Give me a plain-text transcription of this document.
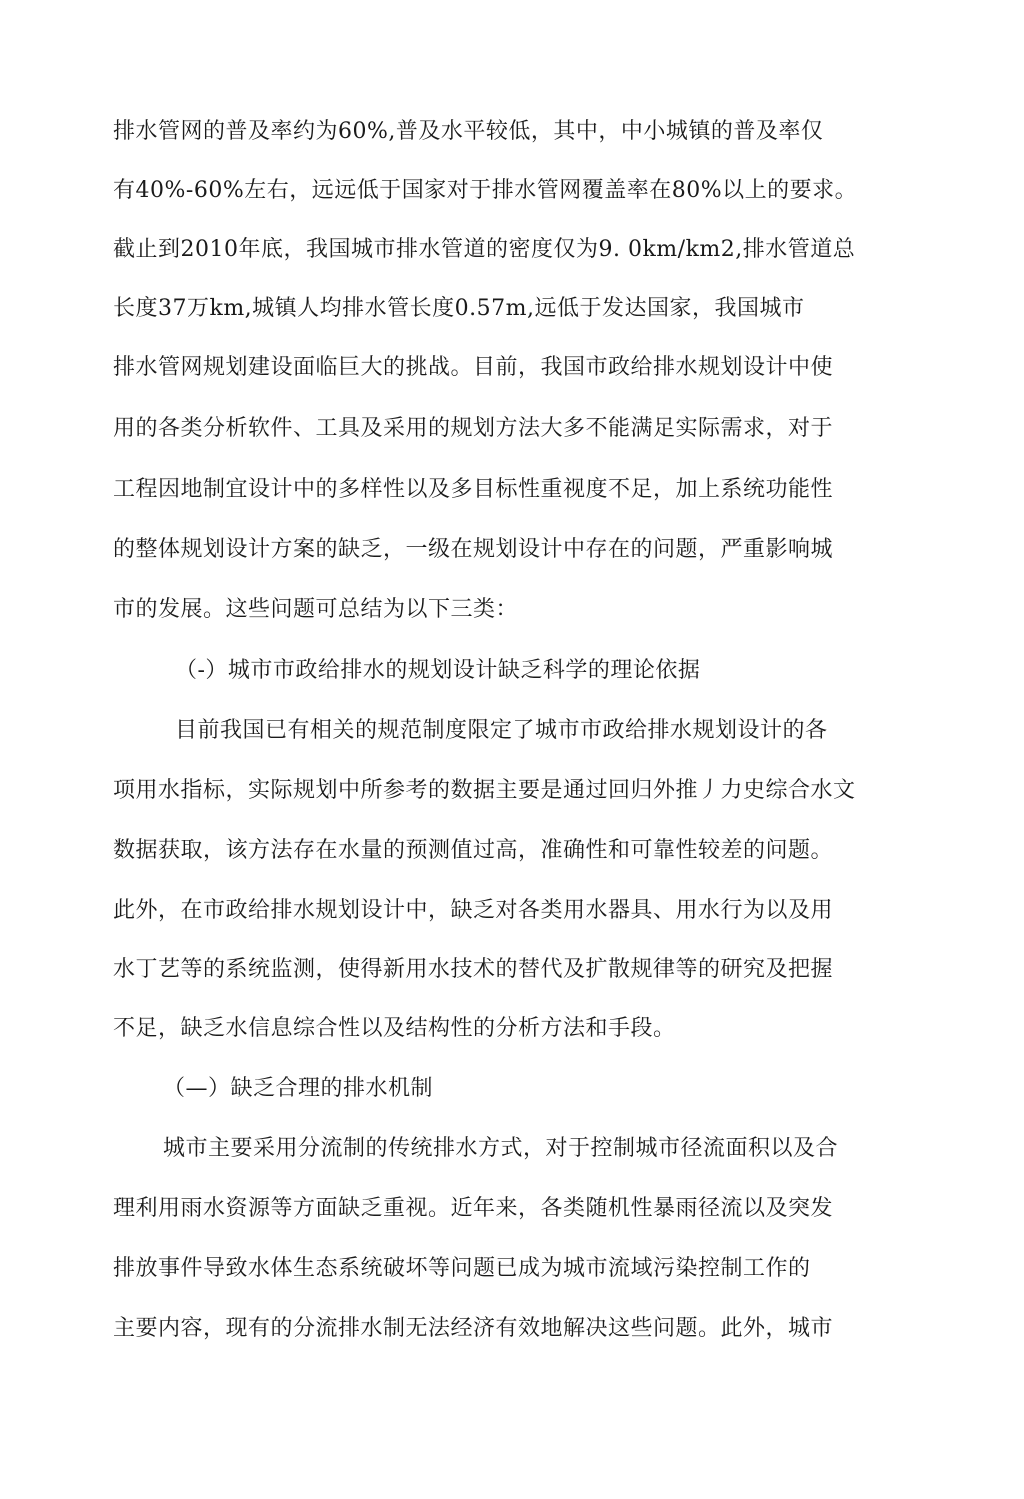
排水管网的普及率约为60%,普及水平较低，其中，中小城镇的普及率仅
有40%-60%左右，远远低于国家对于排水管网覆盖率在80%以上的要求。
截止到2010年底，我国城市排水管道的密度仅为9. 0km/km2,排水管道总
长度37万km,城镇人均排水管长度0.57m,远低于发达国家，我国城市
排水管网规划建设面临巨大的挑战。目前，我国市政给排水规划设计中使
用的各类分析软件、工具及采用的规划方法大多不能满足实际需求，对于
工程因地制宜设计中的多样性以及多目标性重视度不足，加上系统功能性
的整体规划设计方案的缺乏，一级在规划设计中存在的问题，严重影响城
市的发展。这些问题可总结为以下三类：
（-）城市市政给排水的规划设计缺乏科学的理论依据
目前我国已有相关的规范制度限定了城市市政给排水规划设计的各
项用水指标，实际规划中所参考的数据主要是通过回归外推丿力史综合水文
数据获取，该方法存在水量的预测值过高，准确性和可靠性较差的问题。
此外，在市政给排水规划设计中，缺乏对各类用水器具、用水行为以及用
水丁艺等的系统监测，使得新用水技术的替代及扩散规律等的研究及把握
不足，缺乏水信息综合性以及结构性的分析方法和手段。
（—）缺乏合理的排水机制
城市主要采用分流制的传统排水方式，对于控制城市径流面积以及合
理利用雨水资源等方面缺乏重视。近年来，各类随机性暴雨径流以及突发
排放事件导致水体生态系统破坏等问题已成为城市流域污染控制工作的
主要内容，现有的分流排水制无法经济有效地解决这些问题。此外，城市
